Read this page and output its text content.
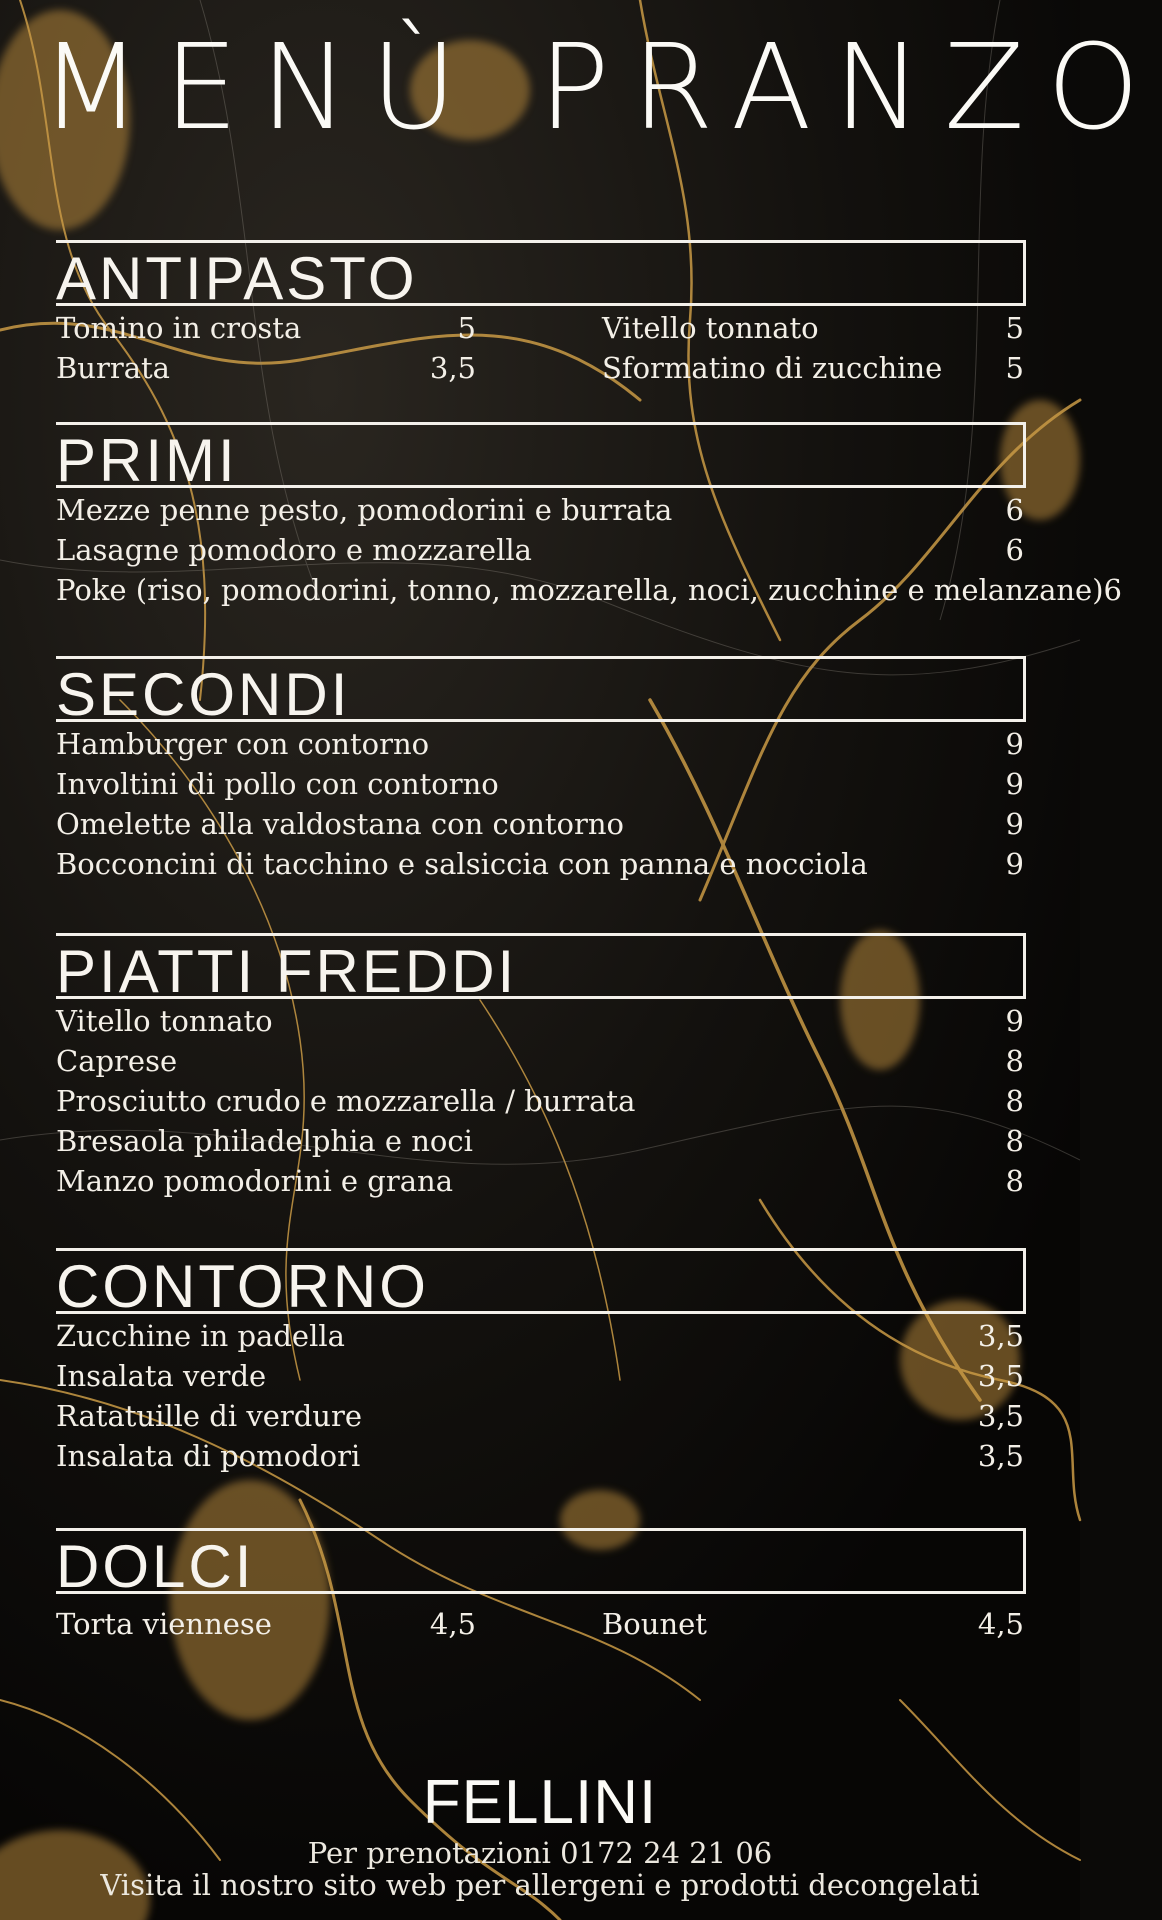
MENÙ PRANZO
ANTIPASTO
Tomino in crosta	5	Vitello tonnato	5
Burrata	3,5	Sformatino di zucchine 5
PRIMI
Mezze penne pesto, pomodorini e burrata	6
Lasagne pomodoro e mozzarella	6
Poke (riso, pomodorini, tonno, mozzarella, noci, zucchine e melanzane) 6
SECONDI
Hamburger con contorno	9
Involtini di pollo con contorno	9
Omelette alla valdostana con contorno	9
Bocconcini di tacchino e salsiccia con panna e nocciola	9
PIATTI FREDDI
Vitello tonnato	9
Caprese	8
Prosciutto crudo e mozzarella / burrata	8
Bresaola philadelphia e noci	8
Manzo pomodorini e grana	8
CONTORNO
Zucchine in padella	3,5
Insalata verde	3,5
Ratatuille di verdure	3,5
Insalata di pomodori	3,5
DOLCI
Torta viennese	4,5	Bounet	4,5
FELLINI
Per prenotazioni 0172 24 21 06
Visita il nostro sito web per allergeni e prodotti decongelati
